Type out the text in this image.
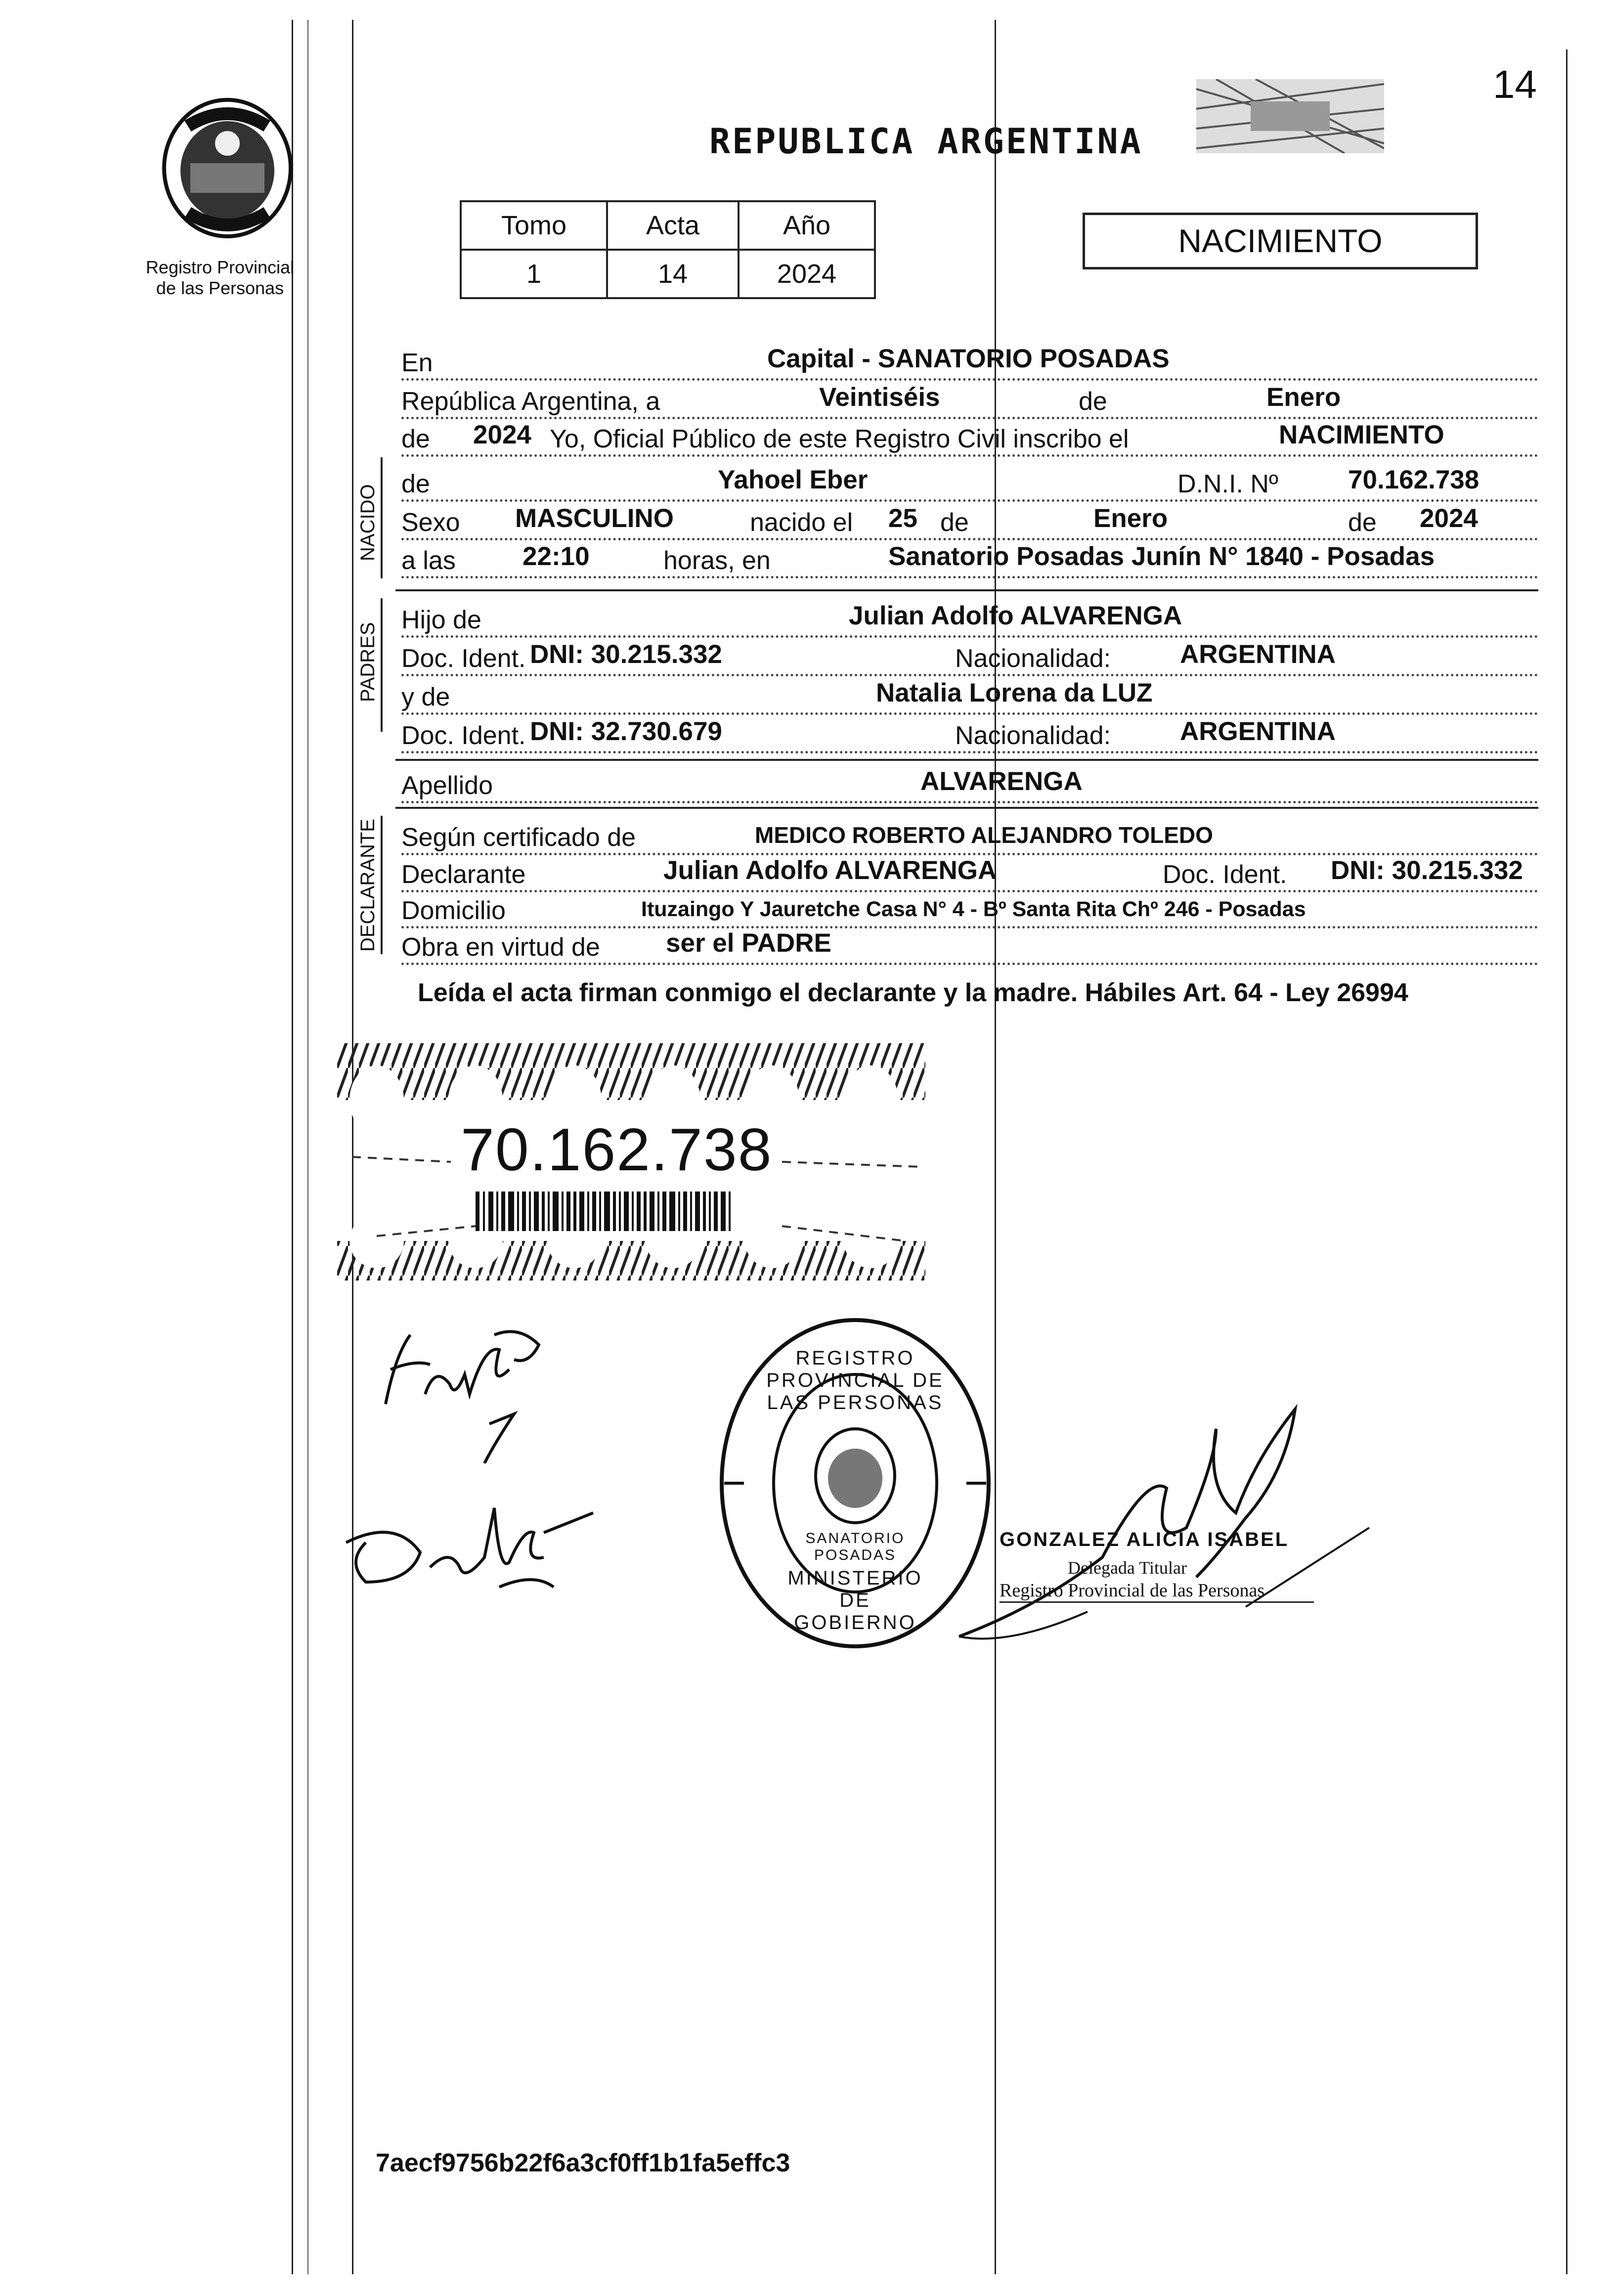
Registro Provincial
de las Personas
14
REPUBLICA ARGENTINA
Tomo	Acta	Año
1	14	2024
NACIMIENTO
En	Capital - SANATORIO POSADAS
República Argentina, a	Veintiséis	de	Enero
de 2024 Yo, Oficial Público de este Registro Civil inscribo el	NACIMIENTO
NACIDO
de	Yahoel Eber	D.N.I. Nº	70.162.738
Sexo MASCULINO	nacido el 25 de	Enero	de 2024
a las	22:10	horas, en	Sanatorio Posadas Junín N° 1840 - Posadas
PADRES
Hijo de	Julian Adolfo ALVARENGA
Doc. Ident. DNI: 30.215.332	Nacionalidad:	ARGENTINA
y de	Natalia Lorena da LUZ
Doc. Ident. DNI: 32.730.679	Nacionalidad:	ARGENTINA
Apellido	ALVARENGA
DECLARANTE Según certificado de	MEDICO ROBERTO ALEJANDRO TOLEDO
Declarante	Julian Adolfo ALVARENGA	Doc. Ident. DNI: 30.215.332
Domicilio	Ituzaingo Y Jauretche Casa N° 4 - Bº Santa Rita Chº 246 - Posadas
Obra en virtud de	ser el PADRE
Leída el acta firman conmigo el declarante y la madre. Hábiles Art. 64 - Ley 26994
70.162.738
REGISTRO PROVINCIAL DE LAS PERSONAS
MINISTERIO DE GOBIERNO
SANATORIO POSADAS
GONZALEZ ALICIA ISABEL
Delegada Titular
Registro Provincial de las Personas
7aecf9756b22f6a3cf0ff1b1fa5effc3
